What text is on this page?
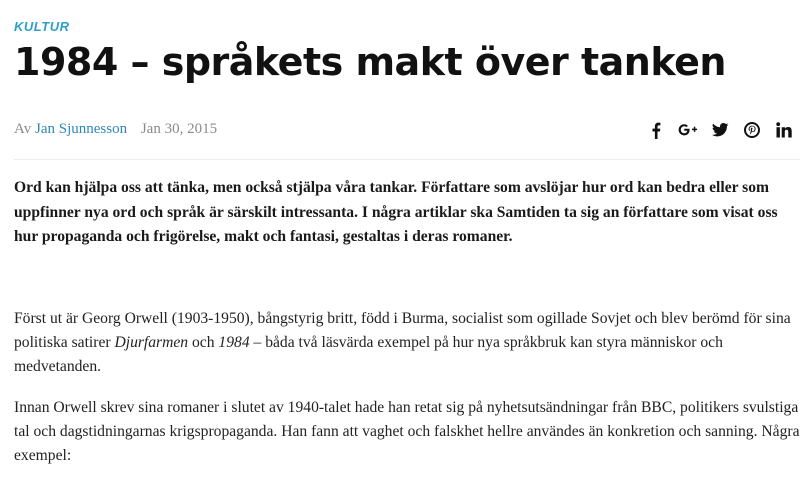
KULTUR
1984 – språkets makt över tanken
Av Jan Sjunnesson Jan 30, 2015

Ord kan hjälpa oss att tänka, men också stjälpa våra tankar. Författare som avslöjar hur ord kan bedra eller som uppfinner nya ord och språk är särskilt intressanta. I några artiklar ska Samtiden ta sig an författare som visat oss hur propaganda och frigörelse, makt och fantasi, gestaltas i deras romaner.

Först ut är Georg Orwell (1903-1950), bångstyrig britt, född i Burma, socialist som ogillade Sovjet och blev berömd för sina politiska satirer Djurfarmen och 1984 – båda två läsvärda exempel på hur nya språkbruk kan styra människor och medvetanden.

Innan Orwell skrev sina romaner i slutet av 1940-talet hade han retat sig på nyhetsutsändningar från BBC, politikers svulstiga tal och dagstidningarnas krigspropaganda. Han fann att vaghet och falskhet hellre användes än konkretion och sanning. Några exempel:
